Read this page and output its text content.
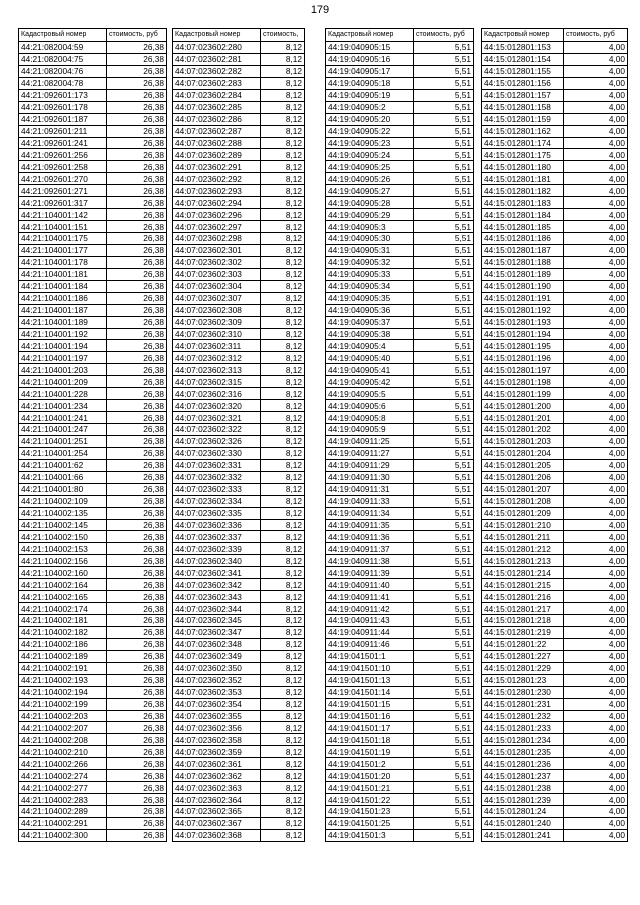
179
Кадастровый номер	стоимость, руб
44:21:082004:59	26,38
44:21:082004:75	26,38
44:21:082004:76	26,38
44:21:082004:78	26,38
44:21:092601:173	26,38
44:21:092601:178	26,38
44:21:092601:187	26,38
44:21:092601:211	26,38
44:21:092601:241	26,38
44:21:092601:256	26,38
44:21:092601:258	26,38
44:21:092601:270	26,38
44:21:092601:271	26,38
44:21:092601:317	26,38
44:21:104001:142	26,38
44:21:104001:151	26,38
44:21:104001:175	26,38
44:21:104001:177	26,38
44:21:104001:178	26,38
44:21:104001:181	26,38
44:21:104001:184	26,38
44:21:104001:186	26,38
44:21:104001:187	26,38
44:21:104001:189	26,38
44:21:104001:192	26,38
44:21:104001:194	26,38
44:21:104001:197	26,38
44:21:104001:203	26,38
44:21:104001:209	26,38
44:21:104001:228	26,38
44:21:104001:234	26,38
44:21:104001:241	26,38
44:21:104001:247	26,38
44:21:104001:251	26,38
44:21:104001:254	26,38
44:21:104001:62	26,38
44:21:104001:66	26,38
44:21:104001:80	26,38
44:21:104002:109	26,38
44:21:104002:135	26,38
44:21:104002:145	26,38
44:21:104002:150	26,38
44:21:104002:153	26,38
44:21:104002:156	26,38
44:21:104002:160	26,38
44:21:104002:164	26,38
44:21:104002:165	26,38
44:21:104002:174	26,38
44:21:104002:181	26,38
44:21:104002:182	26,38
44:21:104002:186	26,38
44:21:104002:189	26,38
44:21:104002:191	26,38
44:21:104002:193	26,38
44:21:104002:194	26,38
44:21:104002:199	26,38
44:21:104002:203	26,38
44:21:104002:207	26,38
44:21:104002:208	26,38
44:21:104002:210	26,38
44:21:104002:266	26,38
44:21:104002:274	26,38
44:21:104002:277	26,38
44:21:104002:283	26,38
44:21:104002:289	26,38
44:21:104002:291	26,38
44:21:104002:300	26,38
Кадастровый номер	стоимость,
44:07:023602:280	8,12
44:07:023602:281	8,12
44:07:023602:282	8,12
44:07:023602:283	8,12
44:07:023602:284	8,12
44:07:023602:285	8,12
44:07:023602:286	8,12
44:07:023602:287	8,12
44:07:023602:288	8,12
44:07:023602:289	8,12
44:07:023602:291	8,12
44:07:023602:292	8,12
44:07:023602:293	8,12
44:07:023602:294	8,12
44:07:023602:296	8,12
44:07:023602:297	8,12
44:07:023602:298	8,12
44:07:023602:301	8,12
44:07:023602:302	8,12
44:07:023602:303	8,12
44:07:023602:304	8,12
44:07:023602:307	8,12
44:07:023602:308	8,12
44:07:023602:309	8,12
44:07:023602:310	8,12
44:07:023602:311	8,12
44:07:023602:312	8,12
44:07:023602:313	8,12
44:07:023602:315	8,12
44:07:023602:316	8,12
44:07:023602:320	8,12
44:07:023602:321	8,12
44:07:023602:322	8,12
44:07:023602:326	8,12
44:07:023602:330	8,12
44:07:023602:331	8,12
44:07:023602:332	8,12
44:07:023602:333	8,12
44:07:023602:334	8,12
44:07:023602:335	8,12
44:07:023602:336	8,12
44:07:023602:337	8,12
44:07:023602:339	8,12
44:07:023602:340	8,12
44:07:023602:341	8,12
44:07:023602:342	8,12
44:07:023602:343	8,12
44:07:023602:344	8,12
44:07:023602:345	8,12
44:07:023602:347	8,12
44:07:023602:348	8,12
44:07:023602:349	8,12
44:07:023602:350	8,12
44:07:023602:352	8,12
44:07:023602:353	8,12
44:07:023602:354	8,12
44:07:023602:355	8,12
44:07:023602:356	8,12
44:07:023602:358	8,12
44:07:023602:359	8,12
44:07:023602:361	8,12
44:07:023602:362	8,12
44:07:023602:363	8,12
44:07:023602:364	8,12
44:07:023602:365	8,12
44:07:023602:367	8,12
44:07:023602:368	8,12
Кадастровый номер	стоимость, руб
44:19:040905:15	5,51
44:19:040905:16	5,51
44:19:040905:17	5,51
44:19:040905:18	5,51
44:19:040905:19	5,51
44:19:040905:2	5,51
44:19:040905:20	5,51
44:19:040905:22	5,51
44:19:040905:23	5,51
44:19:040905:24	5,51
44:19:040905:25	5,51
44:19:040905:26	5,51
44:19:040905:27	5,51
44:19:040905:28	5,51
44:19:040905:29	5,51
44:19:040905:3	5,51
44:19:040905:30	5,51
44:19:040905:31	5,51
44:19:040905:32	5,51
44:19:040905:33	5,51
44:19:040905:34	5,51
44:19:040905:35	5,51
44:19:040905:36	5,51
44:19:040905:37	5,51
44:19:040905:38	5,51
44:19:040905:4	5,51
44:19:040905:40	5,51
44:19:040905:41	5,51
44:19:040905:42	5,51
44:19:040905:5	5,51
44:19:040905:6	5,51
44:19:040905:8	5,51
44:19:040905:9	5,51
44:19:040911:25	5,51
44:19:040911:27	5,51
44:19:040911:29	5,51
44:19:040911:30	5,51
44:19:040911:31	5,51
44:19:040911:33	5,51
44:19:040911:34	5,51
44:19:040911:35	5,51
44:19:040911:36	5,51
44:19:040911:37	5,51
44:19:040911:38	5,51
44:19:040911:39	5,51
44:19:040911:40	5,51
44:19:040911:41	5,51
44:19:040911:42	5,51
44:19:040911:43	5,51
44:19:040911:44	5,51
44:19:040911:46	5,51
44:19:041501:1	5,51
44:19:041501:10	5,51
44:19:041501:13	5,51
44:19:041501:14	5,51
44:19:041501:15	5,51
44:19:041501:16	5,51
44:19:041501:17	5,51
44:19:041501:18	5,51
44:19:041501:19	5,51
44:19:041501:2	5,51
44:19:041501:20	5,51
44:19:041501:21	5,51
44:19:041501:22	5,51
44:19:041501:23	5,51
44:19:041501:25	5,51
44:19:041501:3	5,51
Кадастровый номер	стоимость, руб
44:15:012801:153	4,00
44:15:012801:154	4,00
44:15:012801:155	4,00
44:15:012801:156	4,00
44:15:012801:157	4,00
44:15:012801:158	4,00
44:15:012801:159	4,00
44:15:012801:162	4,00
44:15:012801:174	4,00
44:15:012801:175	4,00
44:15:012801:180	4,00
44:15:012801:181	4,00
44:15:012801:182	4,00
44:15:012801:183	4,00
44:15:012801:184	4,00
44:15:012801:185	4,00
44:15:012801:186	4,00
44:15:012801:187	4,00
44:15:012801:188	4,00
44:15:012801:189	4,00
44:15:012801:190	4,00
44:15:012801:191	4,00
44:15:012801:192	4,00
44:15:012801:193	4,00
44:15:012801:194	4,00
44:15:012801:195	4,00
44:15:012801:196	4,00
44:15:012801:197	4,00
44:15:012801:198	4,00
44:15:012801:199	4,00
44:15:012801:200	4,00
44:15:012801:201	4,00
44:15:012801:202	4,00
44:15:012801:203	4,00
44:15:012801:204	4,00
44:15:012801:205	4,00
44:15:012801:206	4,00
44:15:012801:207	4,00
44:15:012801:208	4,00
44:15:012801:209	4,00
44:15:012801:210	4,00
44:15:012801:211	4,00
44:15:012801:212	4,00
44:15:012801:213	4,00
44:15:012801:214	4,00
44:15:012801:215	4,00
44:15:012801:216	4,00
44:15:012801:217	4,00
44:15:012801:218	4,00
44:15:012801:219	4,00
44:15:012801:22	4,00
44:15:012801:227	4,00
44:15:012801:229	4,00
44:15:012801:23	4,00
44:15:012801:230	4,00
44:15:012801:231	4,00
44:15:012801:232	4,00
44:15:012801:233	4,00
44:15:012801:234	4,00
44:15:012801:235	4,00
44:15:012801:236	4,00
44:15:012801:237	4,00
44:15:012801:238	4,00
44:15:012801:239	4,00
44:15:012801:24	4,00
44:15:012801:240	4,00
44:15:012801:241	4,00
